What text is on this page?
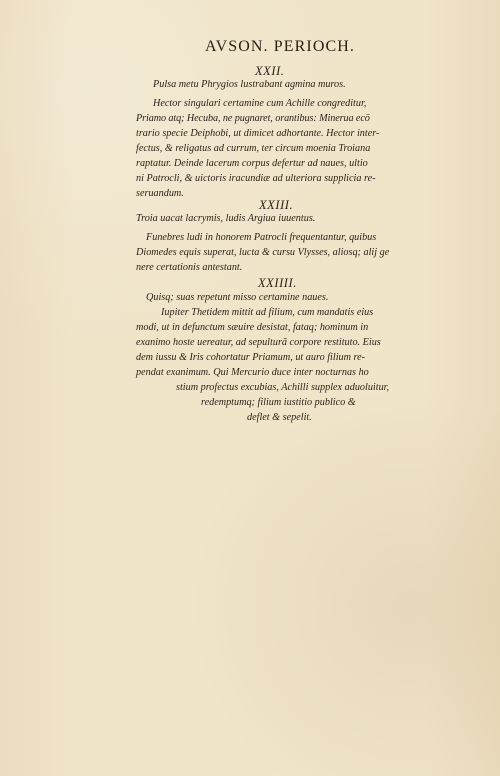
AVSON. PERIOCH.
XXII.
Pulsa metu Phrygios lustrabant agmina muros.
Hector singulari certamine cum Achille congreditur,
Priamo atq; Hecuba, ne pugnaret, orantibus: Minerua ecö
trario specie Deiphobi, ut dimicet adhortante. Hector inter-
fectus, & religatus ad currum, ter circum moenia Troiana
raptatur. Deinde lacerum corpus defertur ad naues, ultio
ni Patrocli, & uictoris iracundiæ ad ulteriora supplicia re-
seruandum.
XXIII.
Troia uacat lacrymis, ludis Argiua iuuentus.
Funebres ludi in honorem Patrocli frequentantur, quibus
Diomedes equis superat, lucta & cursu Vlysses, aliosq; alij ge
nere certationis antestant.
XXIIII.
Quisq; suas repetunt misso certamine naues.
Iupiter Thetidem mittit ad filium, cum mandatis eius
modi, ut in defunctum sæuire desistat, fataq; hominum in
exanimo hoste uereatur, ad sepulturã corpore restituto. Eius
dem iussu & Iris cohortatur Priamum, ut auro filium re-
pendat exanimum. Qui Mercurio duce inter nocturnas ho
stium profectus excubias, Achilli supplex aduoluitur,
redemptumq; filium iustitio publico &
deflet & sepelit.
